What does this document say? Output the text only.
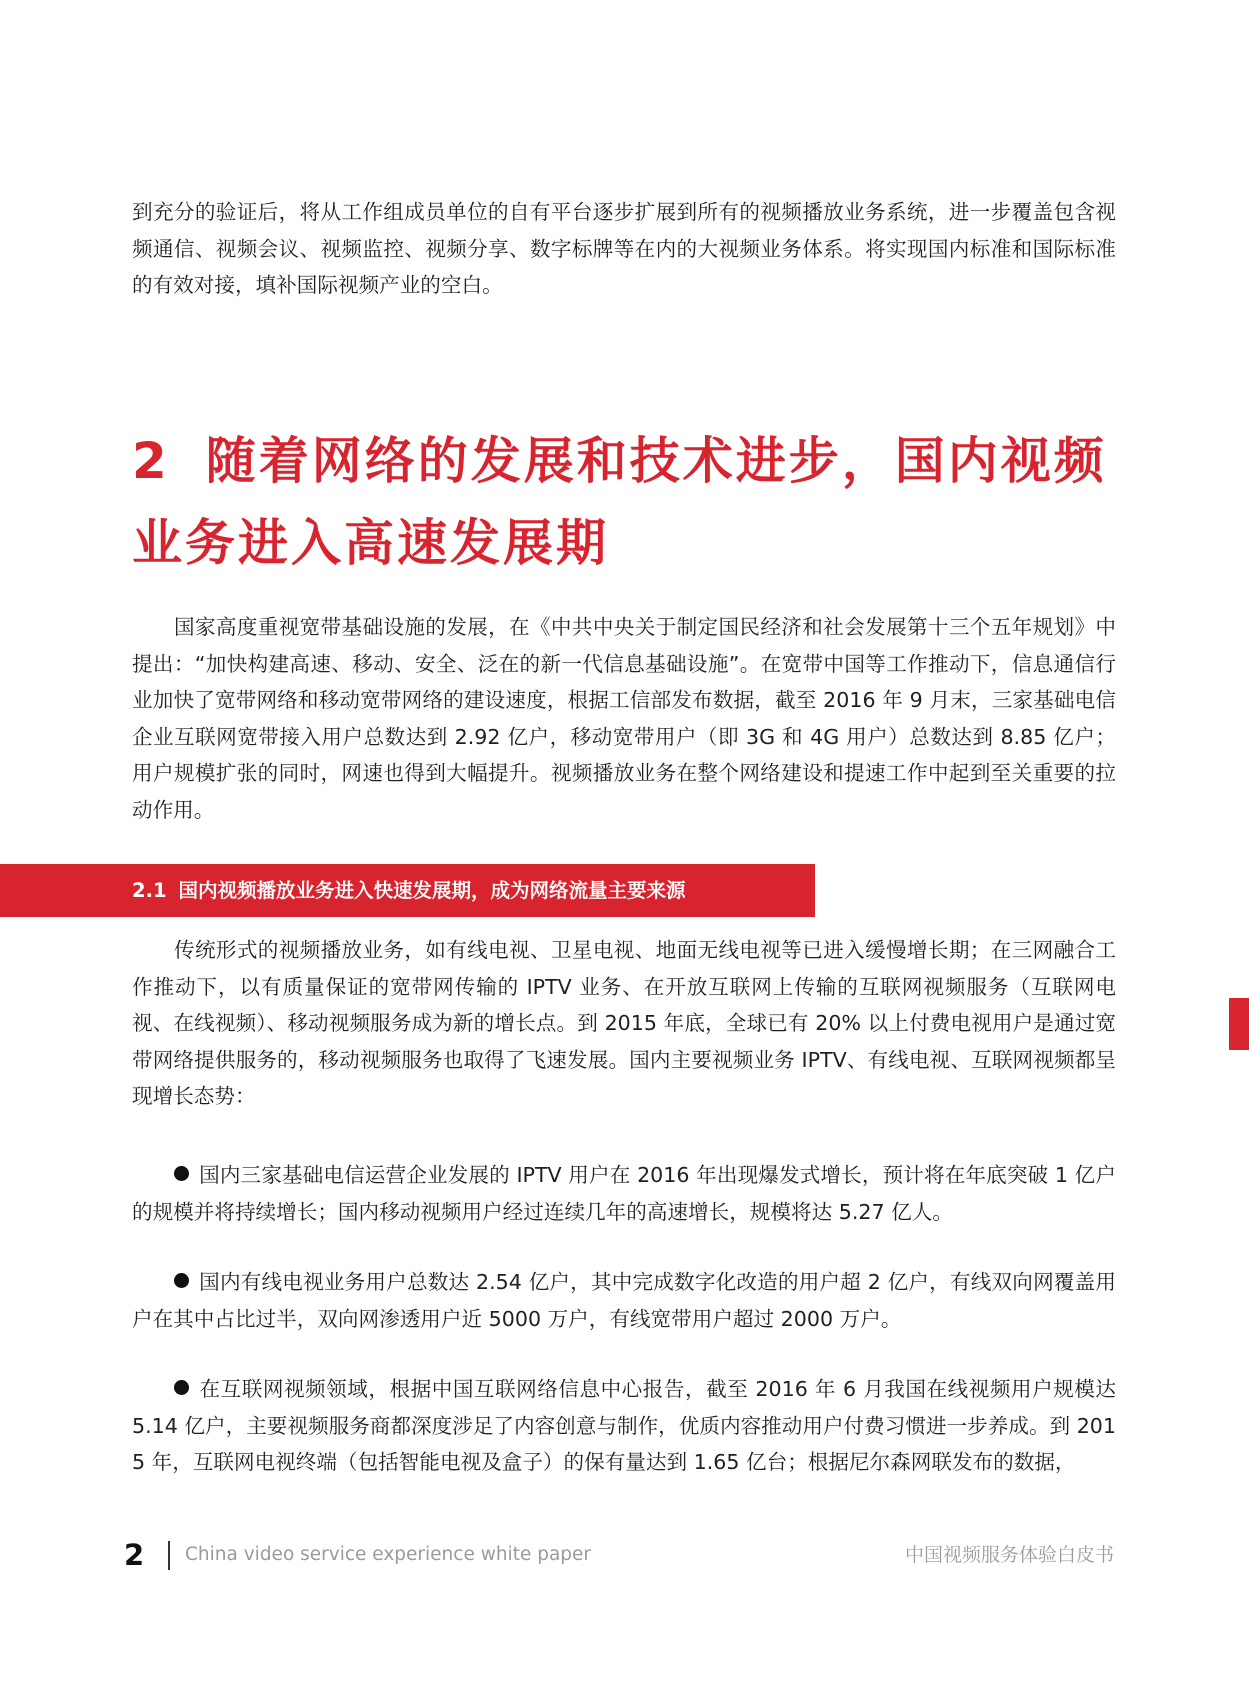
到充分的验证后，将从工作组成员单位的自有平台逐步扩展到所有的视频播放业务系统，进一步覆盖包含视频通信、视频会议、视频监控、视频分享、数字标牌等在内的大视频业务体系。将实现国内标准和国际标准的有效对接，填补国际视频产业的空白。

2 随着网络的发展和技术进步，国内视频
业务进入高速发展期

国家高度重视宽带基础设施的发展，在《中共中央关于制定国民经济和社会发展第十三个五年规划》中提出：“加快构建高速、移动、安全、泛在的新一代信息基础设施”。在宽带中国等工作推动下，信息通信行业加快了宽带网络和移动宽带网络的建设速度，根据工信部发布数据，截至 2016 年 9 月末，三家基础电信企业互联网宽带接入用户总数达到 2.92 亿户，移动宽带用户（即 3G 和 4G 用户）总数达到 8.85 亿户；用户规模扩张的同时，网速也得到大幅提升。视频播放业务在整个网络建设和提速工作中起到至关重要的拉动作用。

2.1 国内视频播放业务进入快速发展期，成为网络流量主要来源

传统形式的视频播放业务，如有线电视、卫星电视、地面无线电视等已进入缓慢增长期；在三网融合工作推动下，以有质量保证的宽带网传输的 IPTV 业务、在开放互联网上传输的互联网视频服务（互联网电视、在线视频）、移动视频服务成为新的增长点。到 2015 年底，全球已有 20% 以上付费电视用户是通过宽带网络提供服务的，移动视频服务也取得了飞速发展。国内主要视频业务 IPTV、有线电视、互联网视频都呈现增长态势：

国内三家基础电信运营企业发展的 IPTV 用户在 2016 年出现爆发式增长，预计将在年底突破 1 亿户的规模并将持续增长；国内移动视频用户经过连续几年的高速增长，规模将达 5.27 亿人。

国内有线电视业务用户总数达 2.54 亿户，其中完成数字化改造的用户超 2 亿户，有线双向网覆盖用户在其中占比过半，双向网渗透用户近 5000 万户，有线宽带用户超过 2000 万户。

在互联网视频领域，根据中国互联网络信息中心报告，截至 2016 年 6 月我国在线视频用户规模达 5.14 亿户，主要视频服务商都深度涉足了内容创意与制作，优质内容推动用户付费习惯进一步养成。到 2015 年，互联网电视终端（包括智能电视及盒子）的保有量达到 1.65 亿台；根据尼尔森网联发布的数据，

2 China video service experience white paper	中国视频服务体验白皮书
